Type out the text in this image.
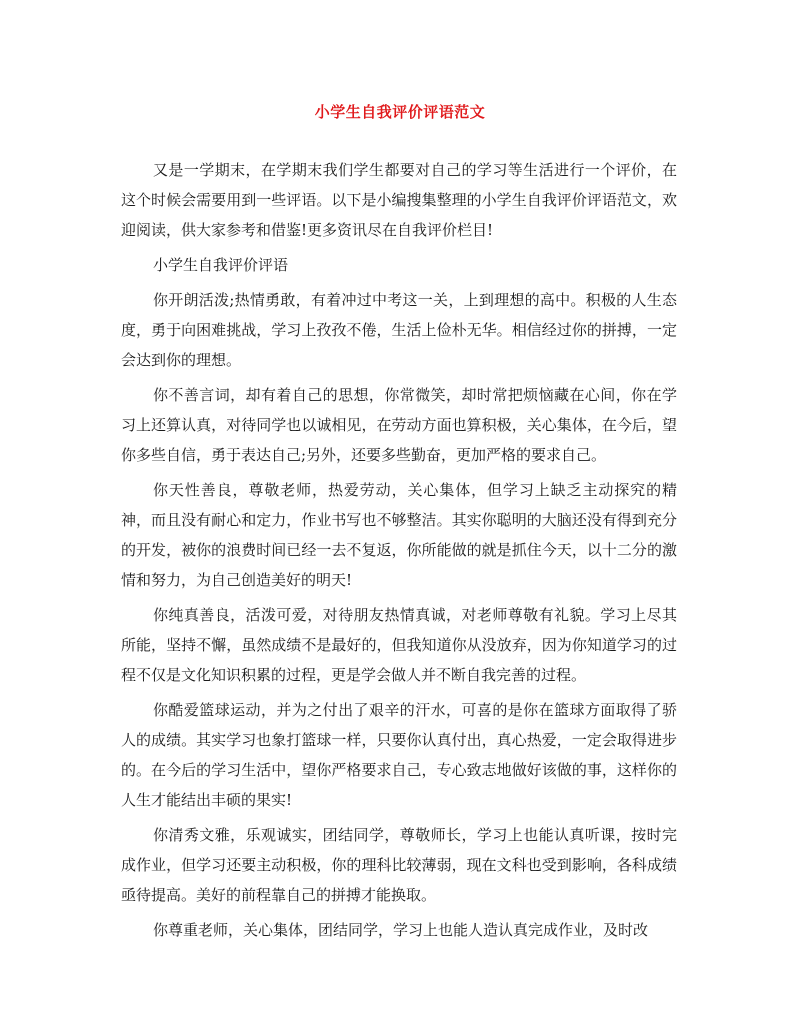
小学生自我评价评语范文

又是一学期末，在学期末我们学生都要对自己的学习等生活进行一个评价，在这个时候会需要用到一些评语。以下是小编搜集整理的小学生自我评价评语范文，欢迎阅读，供大家参考和借鉴!更多资讯尽在自我评价栏目!

小学生自我评价评语

你开朗活泼;热情勇敢，有着冲过中考这一关，上到理想的高中。积极的人生态度，勇于向困难挑战，学习上孜孜不倦，生活上俭朴无华。相信经过你的拼搏，一定会达到你的理想。

你不善言词，却有着自己的思想，你常微笑，却时常把烦恼藏在心间，你在学习上还算认真，对待同学也以诚相见，在劳动方面也算积极，关心集体，在今后，望你多些自信，勇于表达自己;另外，还要多些勤奋，更加严格的要求自己。

你天性善良，尊敬老师，热爱劳动，关心集体，但学习上缺乏主动探究的精神，而且没有耐心和定力，作业书写也不够整洁。其实你聪明的大脑还没有得到充分的开发，被你的浪费时间已经一去不复返，你所能做的就是抓住今天，以十二分的激情和努力，为自己创造美好的明天!

你纯真善良，活泼可爱，对待朋友热情真诚，对老师尊敬有礼貌。学习上尽其所能，坚持不懈，虽然成绩不是最好的，但我知道你从没放弃，因为你知道学习的过程不仅是文化知识积累的过程，更是学会做人并不断自我完善的过程。

你酷爱篮球运动，并为之付出了艰辛的汗水，可喜的是你在篮球方面取得了骄人的成绩。其实学习也象打篮球一样，只要你认真付出，真心热爱，一定会取得进步的。在今后的学习生活中，望你严格要求自己，专心致志地做好该做的事，这样你的人生才能结出丰硕的果实!

你清秀文雅，乐观诚实，团结同学，尊敬师长，学习上也能认真听课，按时完成作业，但学习还要主动积极，你的理科比较薄弱，现在文科也受到影响，各科成绩亟待提高。美好的前程靠自己的拼搏才能换取。

你尊重老师，关心集体，团结同学，学习上也能人造认真完成作业，及时改
